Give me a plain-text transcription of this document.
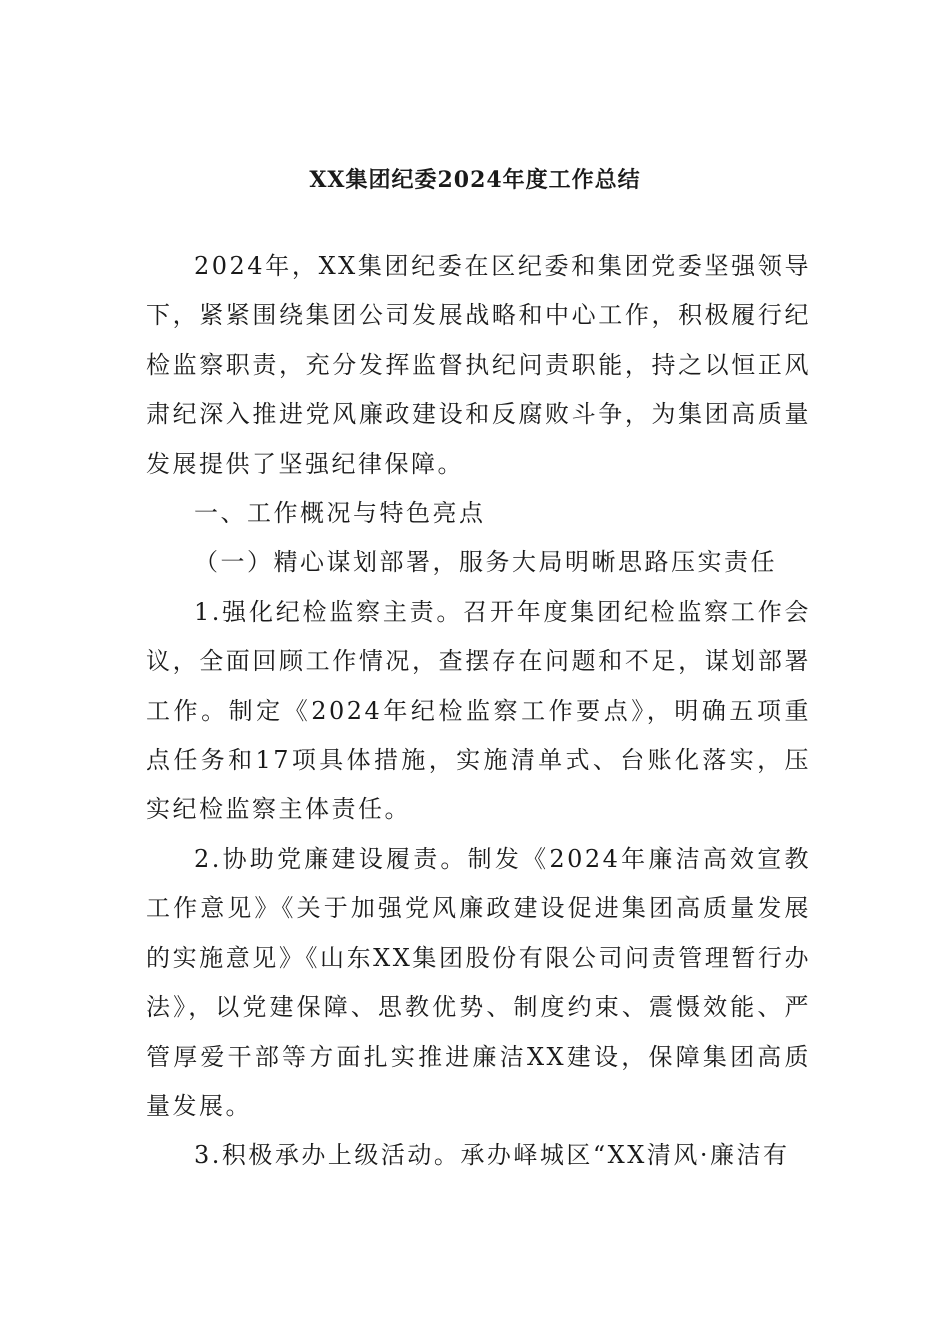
XX集团纪委2024年度工作总结

2024年，XX集团纪委在区纪委和集团党委坚强领导下，紧紧围绕集团公司发展战略和中心工作，积极履行纪检监察职责，充分发挥监督执纪问责职能，持之以恒正风肃纪深入推进党风廉政建设和反腐败斗争，为集团高质量发展提供了坚强纪律保障。

一、工作概况与特色亮点

（一）精心谋划部署，服务大局明晰思路压实责任

1.强化纪检监察主责。召开年度集团纪检监察工作会议，全面回顾工作情况，查摆存在问题和不足，谋划部署工作。制定《2024年纪检监察工作要点》，明确五项重点任务和17项具体措施，实施清单式、台账化落实，压实纪检监察主体责任。

2.协助党廉建设履责。制发《2024年廉洁高效宣教工作意见》《关于加强党风廉政建设促进集团高质量发展的实施意见》《山东XX集团股份有限公司问责管理暂行办法》，以党建保障、思教优势、制度约束、震慑效能、严管厚爱干部等方面扎实推进廉洁XX建设，保障集团高质量发展。

3.积极承办上级活动。承办峄城区“XX清风·廉洁有
